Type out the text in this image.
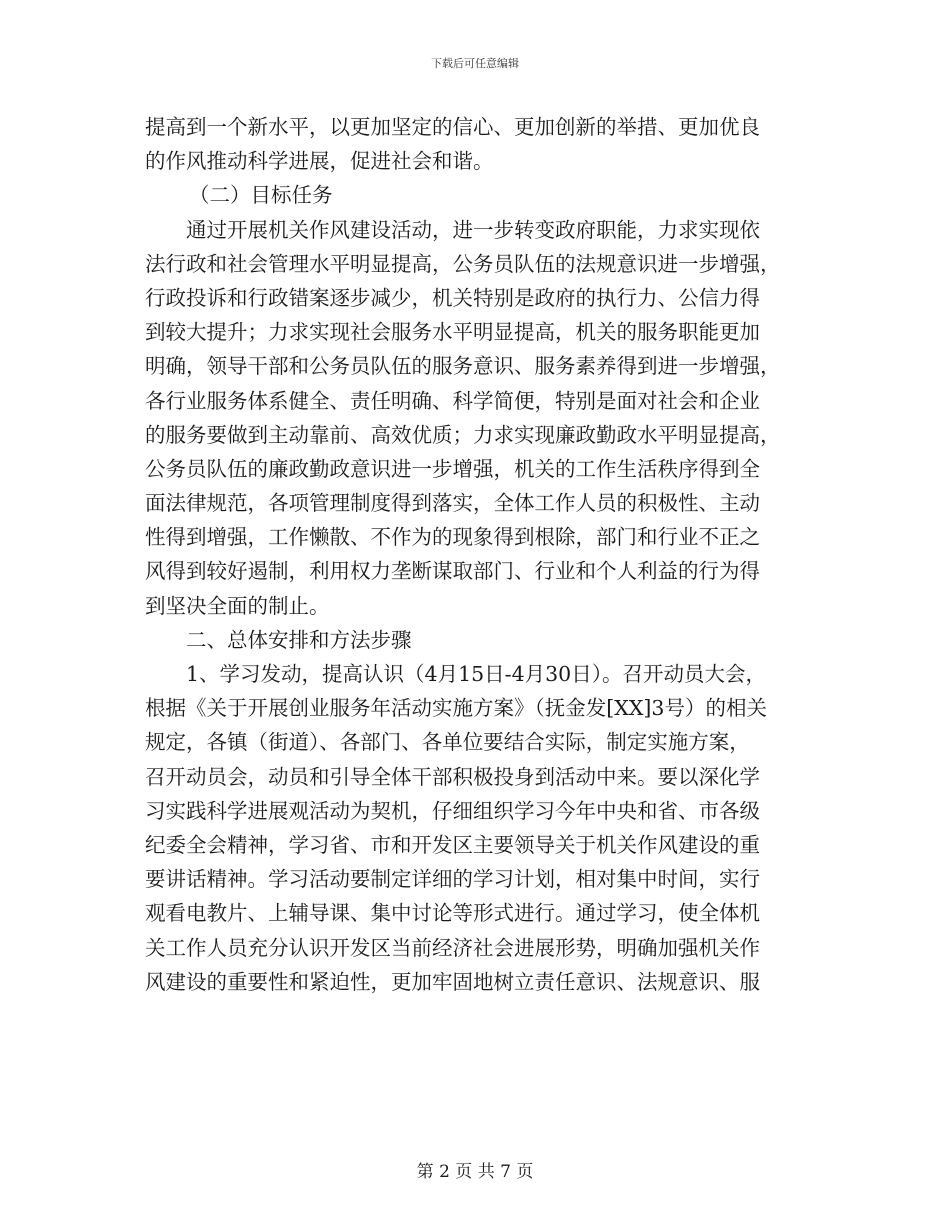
下载后可任意编辑
提高到一个新水平，以更加坚定的信心、更加创新的举措、更加优良
的作风推动科学进展，促进社会和谐。
（二）目标任务
通过开展机关作风建设活动，进一步转变政府职能，力求实现依
法行政和社会管理水平明显提高，公务员队伍的法规意识进一步增强，
行政投诉和行政错案逐步减少，机关特别是政府的执行力、公信力得
到较大提升；力求实现社会服务水平明显提高，机关的服务职能更加
明确，领导干部和公务员队伍的服务意识、服务素养得到进一步增强，
各行业服务体系健全、责任明确、科学简便，特别是面对社会和企业
的服务要做到主动靠前、高效优质；力求实现廉政勤政水平明显提高，
公务员队伍的廉政勤政意识进一步增强，机关的工作生活秩序得到全
面法律规范，各项管理制度得到落实，全体工作人员的积极性、主动
性得到增强，工作懒散、不作为的现象得到根除，部门和行业不正之
风得到较好遏制，利用权力垄断谋取部门、行业和个人利益的行为得
到坚决全面的制止。
二、总体安排和方法步骤
1、学习发动，提高认识（4月15日-4月30日）。召开动员大会，
根据《关于开展创业服务年活动实施方案》（抚金发[XX]3号）的相关
规定，各镇（街道）、各部门、各单位要结合实际，制定实施方案，
召开动员会，动员和引导全体干部积极投身到活动中来。要以深化学
习实践科学进展观活动为契机，仔细组织学习今年中央和省、市各级
纪委全会精神，学习省、市和开发区主要领导关于机关作风建设的重
要讲话精神。学习活动要制定详细的学习计划，相对集中时间，实行
观看电教片、上辅导课、集中讨论等形式进行。通过学习，使全体机
关工作人员充分认识开发区当前经济社会进展形势，明确加强机关作
风建设的重要性和紧迫性，更加牢固地树立责任意识、法规意识、服
第 2 页 共 7 页
